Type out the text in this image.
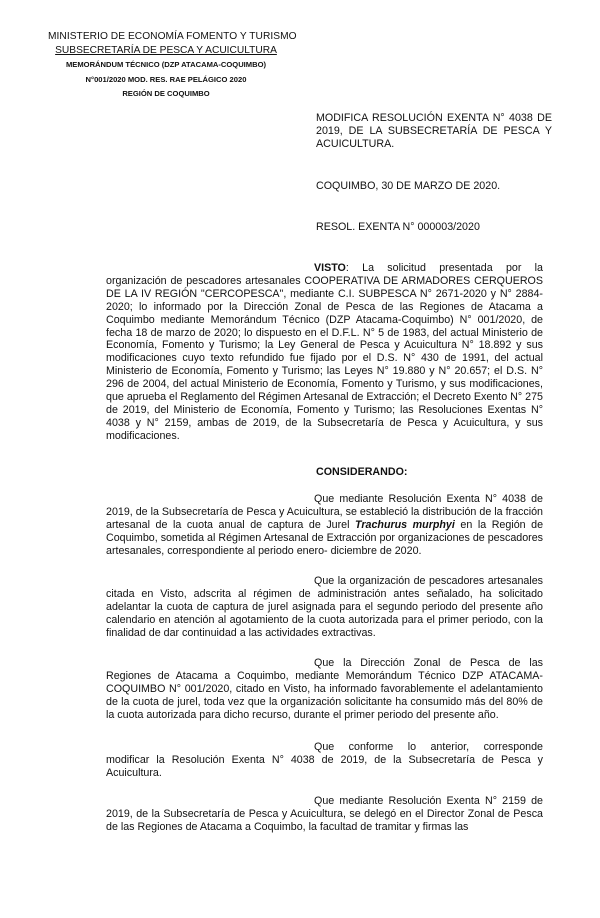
MINISTERIO DE ECONOMÍA FOMENTO Y TURISMO
SUBSECRETARÍA DE PESCA Y ACUICULTURA
MEMORÁNDUM TÉCNICO (DZP ATACAMA-COQUIMBO)
N°001/2020 MOD. RES. RAE PELÁGICO 2020
REGIÓN DE COQUIMBO
MODIFICA RESOLUCIÓN EXENTA N° 4038 DE 2019, DE LA SUBSECRETARÍA DE PESCA Y ACUICULTURA.
COQUIMBO, 30 DE MARZO DE 2020.
RESOL. EXENTA N° 000003/2020
VISTO: La solicitud presentada por la organización de pescadores artesanales COOPERATIVA DE ARMADORES CERQUEROS DE LA IV REGIÓN "CERCOPESCA", mediante C.I. SUBPESCA N° 2671-2020 y N° 2884-2020; lo informado por la Dirección Zonal de Pesca de las Regiones de Atacama a Coquimbo mediante Memorándum Técnico (DZP Atacama-Coquimbo) N° 001/2020, de fecha 18 de marzo de 2020; lo dispuesto en el D.F.L. N° 5 de 1983, del actual Ministerio de Economía, Fomento y Turismo; la Ley General de Pesca y Acuicultura N° 18.892 y sus modificaciones cuyo texto refundido fue fijado por el D.S. N° 430 de 1991, del actual Ministerio de Economía, Fomento y Turismo; las Leyes N° 19.880 y N° 20.657; el D.S. N° 296 de 2004, del actual Ministerio de Economía, Fomento y Turismo, y sus modificaciones, que aprueba el Reglamento del Régimen Artesanal de Extracción; el Decreto Exento N° 275 de 2019, del Ministerio de Economía, Fomento y Turismo; las Resoluciones Exentas N° 4038 y N° 2159, ambas de 2019, de la Subsecretaría de Pesca y Acuicultura, y sus modificaciones.
CONSIDERANDO:
Que mediante Resolución Exenta N° 4038 de 2019, de la Subsecretaría de Pesca y Acuicultura, se estableció la distribución de la fracción artesanal de la cuota anual de captura de Jurel Trachurus murphyi en la Región de Coquimbo, sometida al Régimen Artesanal de Extracción por organizaciones de pescadores artesanales, correspondiente al periodo enero- diciembre de 2020.
Que la organización de pescadores artesanales citada en Visto, adscrita al régimen de administración antes señalado, ha solicitado adelantar la cuota de captura de jurel asignada para el segundo periodo del presente año calendario en atención al agotamiento de la cuota autorizada para el primer periodo, con la finalidad de dar continuidad a las actividades extractivas.
Que la Dirección Zonal de Pesca de las Regiones de Atacama a Coquimbo, mediante Memorándum Técnico DZP ATACAMA-COQUIMBO N° 001/2020, citado en Visto, ha informado favorablemente el adelantamiento de la cuota de jurel, toda vez que la organización solicitante ha consumido más del 80% de la cuota autorizada para dicho recurso, durante el primer periodo del presente año.
Que conforme lo anterior, corresponde modificar la Resolución Exenta N° 4038 de 2019, de la Subsecretaría de Pesca y Acuicultura.
Que mediante Resolución Exenta N° 2159 de 2019, de la Subsecretaría de Pesca y Acuicultura, se delegó en el Director Zonal de Pesca de las Regiones de Atacama a Coquimbo, la facultad de tramitar y firmas las
